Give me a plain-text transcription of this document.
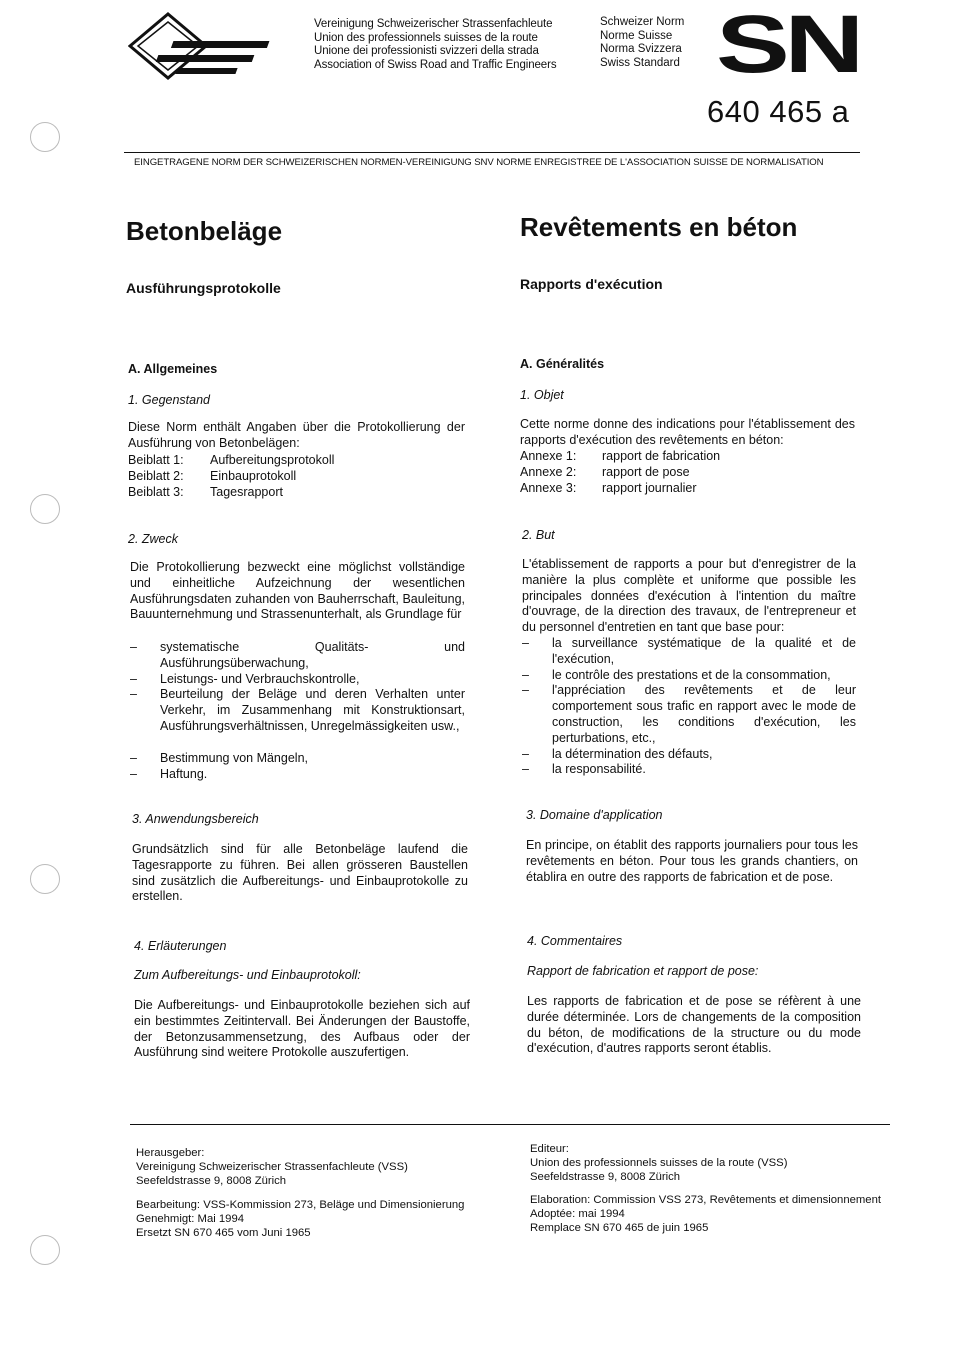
Vereinigung Schweizerischer Strassenfachleute
Union des professionnels suisses de la route
Unione dei professionisti svizzeri della strada
Association of Swiss Road and Traffic Engineers
Schweizer Norm
Norme Suisse
Norma Svizzera
Swiss Standard SN
640 465 a
EINGETRAGENE NORM DER SCHWEIZERISCHEN NORMEN-VEREINIGUNG SNV NORME ENREGISTREE DE L'ASSOCIATION SUISSE DE NORMALISATION
Betonbeläge	Revêtements en béton
Ausführungsprotokolle	Rapports d'exécution
A. Allgemeines
1. Gegenstand
Diese Norm enthält Angaben über die Protokollierung der Ausführung von Betonbelägen:
Beiblatt 1:	Aufbereitungsprotokoll
Beiblatt 2:	Einbauprotokoll
Beiblatt 3:	Tagesrapport
2. Zweck
Die Protokollierung bezweckt eine möglichst vollständige und einheitliche Aufzeichnung der wesentlichen Ausführungsdaten zuhanden von Bauherrschaft, Bauleitung, Bauunternehmung und Strassenunterhalt, als Grundlage für
– systematische Qualitäts- und Ausführungsüberwachung,
– Leistungs- und Verbrauchskontrolle,
– Beurteilung der Beläge und deren Verhalten unter Verkehr, im Zusammenhang mit Konstruktionsart, Ausführungsverhältnissen, Unregelmässigkeiten usw.,
– Bestimmung von Mängeln,
– Haftung.
3. Anwendungsbereich
Grundsätzlich sind für alle Betonbeläge laufend die Tagesrapporte zu führen. Bei allen grösseren Baustellen sind zusätzlich die Aufbereitungs- und Einbauprotokolle zu erstellen.
4. Erläuterungen
Zum Aufbereitungs- und Einbauprotokoll:
Die Aufbereitungs- und Einbauprotokolle beziehen sich auf ein bestimmtes Zeitintervall. Bei Änderungen der Baustoffe, der Betonzusammensetzung, des Aufbaus oder der Ausführung sind weitere Protokolle auszufertigen.
A. Généralités
1. Objet
Cette norme donne des indications pour l'établissement des rapports d'exécution des revêtements en béton:
Annexe 1:	rapport de fabrication
Annexe 2:	rapport de pose
Annexe 3:	rapport journalier
2. But
L'établissement de rapports a pour but d'enregistrer de la manière la plus complète et uniforme que possible les principales données d'exécution à l'intention du maître d'ouvrage, de la direction des travaux, de l'entrepreneur et du personnel d'entretien en tant que base pour:
– la surveillance systématique de la qualité et de l'exécution,
– le contrôle des prestations et de la consommation,
– l'appréciation des revêtements et de leur comportement sous trafic en rapport avec le mode de construction, les conditions d'exécution, les perturbations, etc.,
– la détermination des défauts,
– la responsabilité.
3. Domaine d'application
En principe, on établit des rapports journaliers pour tous les revêtements en béton. Pour tous les grands chantiers, on établira en outre des rapports de fabrication et de pose.
4. Commentaires
Rapport de fabrication et rapport de pose:
Les rapports de fabrication et de pose se réfèrent à une durée déterminée. Lors de changements de la composition du béton, de modifications de la structure ou du mode d'exécution, d'autres rapports seront établis.
Herausgeber:
Vereinigung Schweizerischer Strassenfachleute (VSS)
Seefeldstrasse 9, 8008 Zürich
Bearbeitung: VSS-Kommission 273, Beläge und Dimensionierung
Genehmigt: Mai 1994
Ersetzt SN 670 465 vom Juni 1965
Editeur:
Union des professionnels suisses de la route (VSS)
Seefeldstrasse 9, 8008 Zürich
Elaboration: Commission VSS 273, Revêtements et dimensionnement
Adoptée: mai 1994
Remplace SN 670 465 de juin 1965
